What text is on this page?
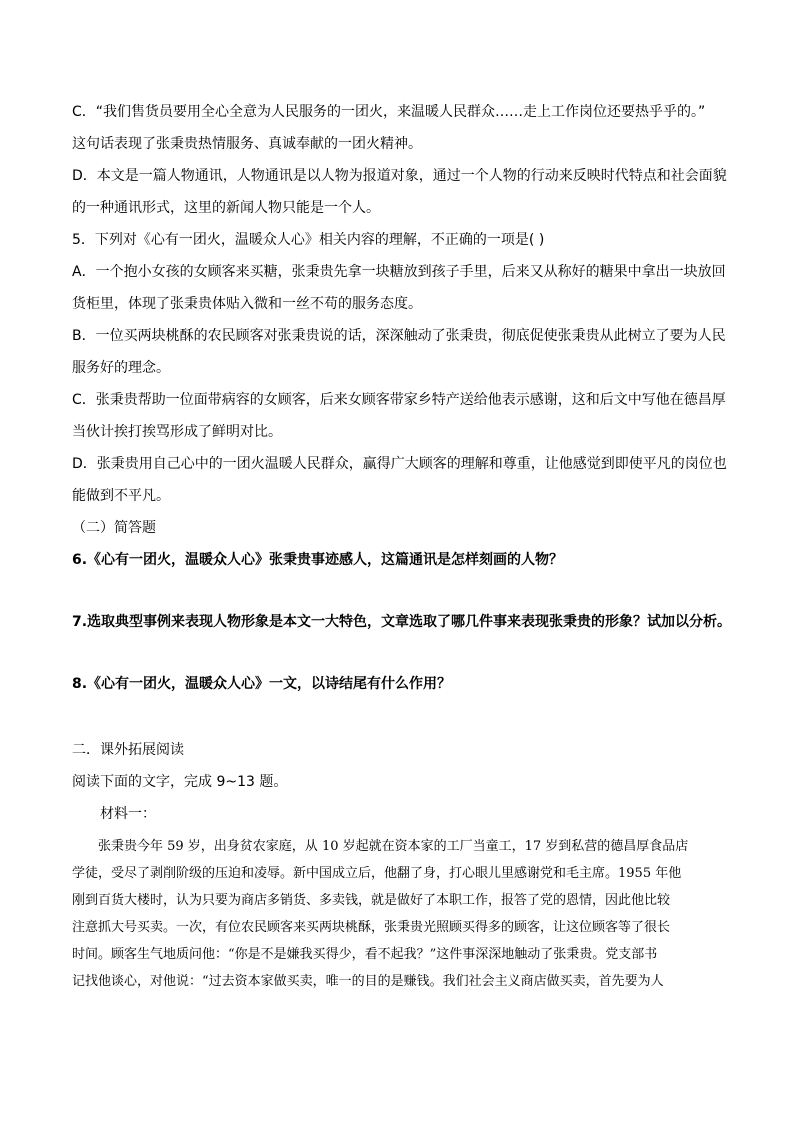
C．“我们售货员要用全心全意为人民服务的一团火，来温暖人民群众……走上工作岗位还要热乎乎的。”

这句话表现了张秉贵热情服务、真诚奉献的一团火精神。

D．本文是一篇人物通讯，人物通讯是以人物为报道对象，通过一个人物的行动来反映时代特点和社会面貌

的一种通讯形式，这里的新闻人物只能是一个人。

5．下列对《心有一团火，温暖众人心》相关内容的理解，不正确的一项是( )

A．一个抱小女孩的女顾客来买糖，张秉贵先拿一块糖放到孩子手里，后来又从称好的糖果中拿出一块放回

货柜里，体现了张秉贵体贴入微和一丝不苟的服务态度。

B．一位买两块桃酥的农民顾客对张秉贵说的话，深深触动了张秉贵，彻底促使张秉贵从此树立了要为人民

服务好的理念。

C．张秉贵帮助一位面带病容的女顾客，后来女顾客带家乡特产送给他表示感谢，这和后文中写他在德昌厚

当伙计挨打挨骂形成了鲜明对比。

D．张秉贵用自己心中的一团火温暖人民群众，赢得广大顾客的理解和尊重，让他感觉到即使平凡的岗位也

能做到不平凡。

（二）简答题

6.《心有一团火，温暖众人心》张秉贵事迹感人，这篇通讯是怎样刻画的人物？

7.选取典型事例来表现人物形象是本文一大特色，文章选取了哪几件事来表现张秉贵的形象？试加以分析。

8.《心有一团火，温暖众人心》一文，以诗结尾有什么作用？

二．课外拓展阅读

阅读下面的文字，完成 9~13 题。

材料一：

张秉贵今年 59 岁，出身贫农家庭，从 10 岁起就在资本家的工厂当童工，17 岁到私营的德昌厚食品店

学徒，受尽了剥削阶级的压迫和凌辱。新中国成立后，他翻了身，打心眼儿里感谢党和毛主席。1955 年他

刚到百货大楼时，认为只要为商店多销货、多卖钱，就是做好了本职工作，报答了党的恩情，因此他比较

注意抓大号买卖。一次，有位农民顾客来买两块桃酥，张秉贵光照顾买得多的顾客，让这位顾客等了很长

时间。顾客生气地质问他：“你是不是嫌我买得少，看不起我？”这件事深深地触动了张秉贵。党支部书

记找他谈心，对他说：“过去资本家做买卖，唯一的目的是赚钱。我们社会主义商店做买卖，首先要为人
